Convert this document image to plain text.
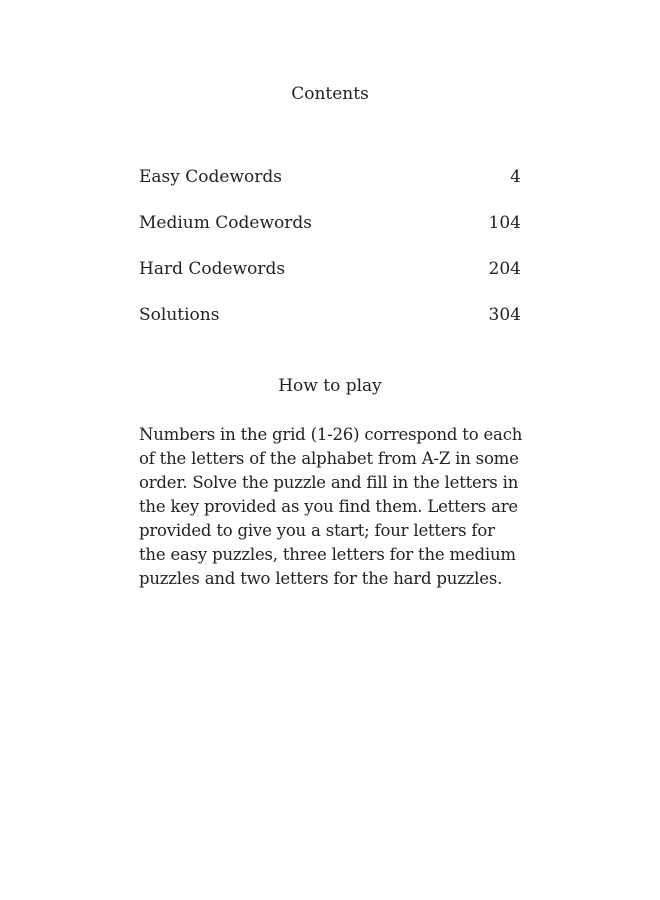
Contents
Easy Codewords	4
Medium Codewords	104
Hard Codewords	204
Solutions	304
How to play
Numbers in the grid (1-26) correspond to each
of the letters of the alphabet from A-Z in some
order. Solve the puzzle and fill in the letters in
the key provided as you find them. Letters are
provided to give you a start; four letters for
the easy puzzles, three letters for the medium
puzzles and two letters for the hard puzzles.
